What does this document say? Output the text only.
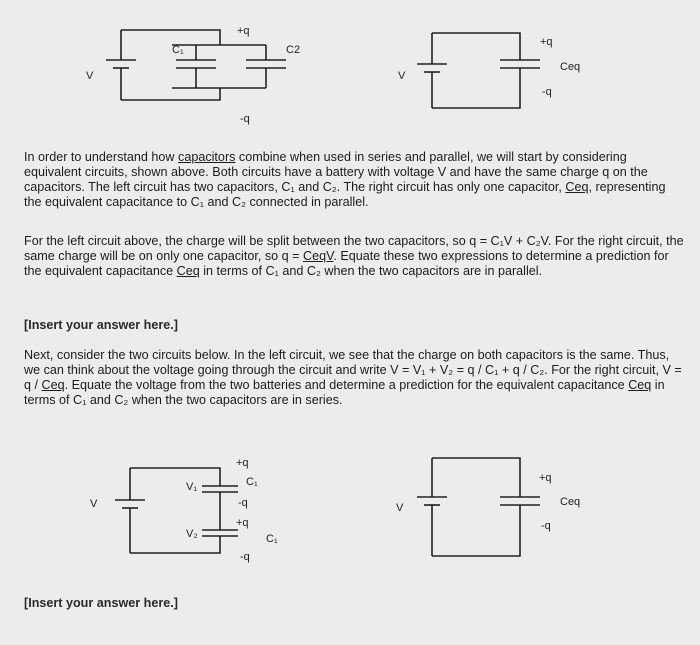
V
C₁	C2
+q
-q
V
+q
Ceq
-q
V
V₁
V₂
+q
C₁
-q
+q
C₁
-q
V
+q
Ceq
-q

In order to understand how capacitors combine when used in series and parallel, we will start by considering equivalent circuits, shown above. Both circuits have a battery with voltage V and have the same charge q on the capacitors. The left circuit has two capacitors, C₁ and C₂. The right circuit has only one capacitor, Ceq, representing the equivalent capacitance to C₁ and C₂ connected in parallel.

For the left circuit above, the charge will be split between the two capacitors, so q = C₁V + C₂V. For the right circuit, the same charge will be on only one capacitor, so q = CeqV. Equate these two expressions to determine a prediction for the equivalent capacitance Ceq in terms of C₁ and C₂ when the two capacitors are in parallel.

[Insert your answer here.]

Next, consider the two circuits below. In the left circuit, we see that the charge on both capacitors is the same. Thus, we can think about the voltage going through the circuit and write V = V₁ + V₂ = q / C₁ + q / C₂. For the right circuit, V = q / Ceq. Equate the voltage from the two batteries and determine a prediction for the equivalent capacitance Ceq in terms of C₁ and C₂ when the two capacitors are in series.

[Insert your answer here.]
